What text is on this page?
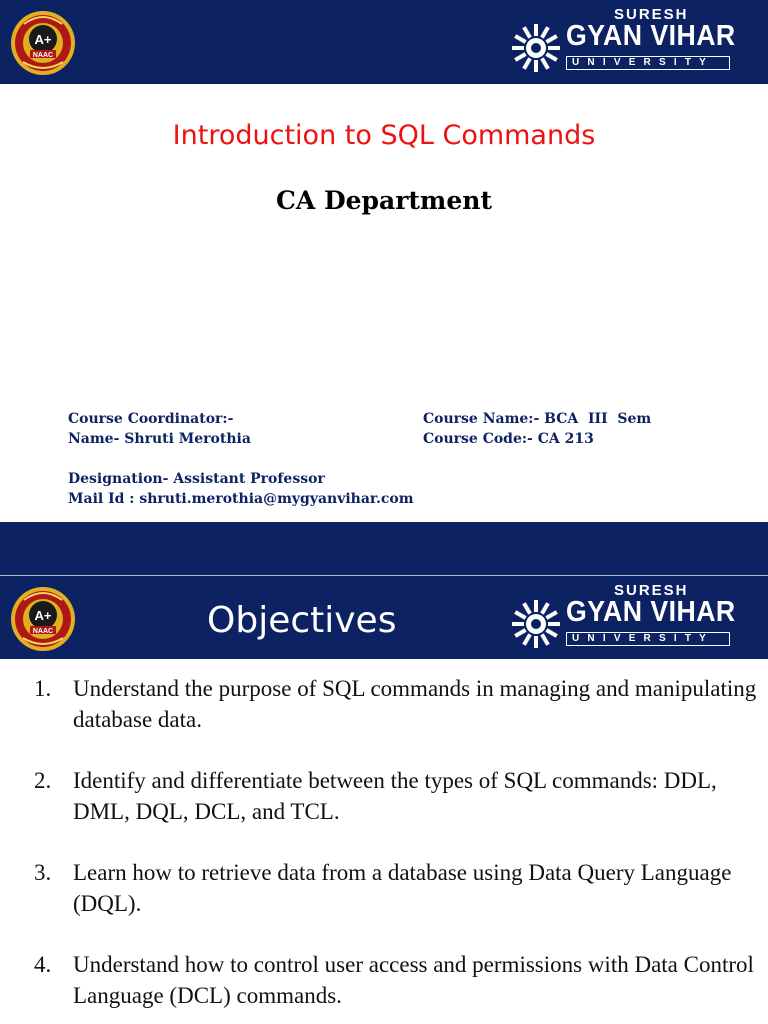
A+
NAAC
SURESH
GYAN VIHAR
UNIVERSITY
Introduction to SQL Commands
CA Department
Course Coordinator:-
Name- Shruti Merothia
Designation- Assistant Professor
Mail Id : shruti.merothia@mygyanvihar.com
Course Name:- BCA  III  Sem
Course Code:- CA 213
A+
NAAC	Objectives
SURESH
GYAN VIHAR
UNIVERSITY
1. Understand the purpose of SQL commands in managing and manipulating database data.
2. Identify and differentiate between the types of SQL commands: DDL, DML, DQL, DCL, and TCL.
3. Learn how to retrieve data from a database using Data Query Language (DQL).
4. Understand how to control user access and permissions with Data Control Language (DCL) commands.
